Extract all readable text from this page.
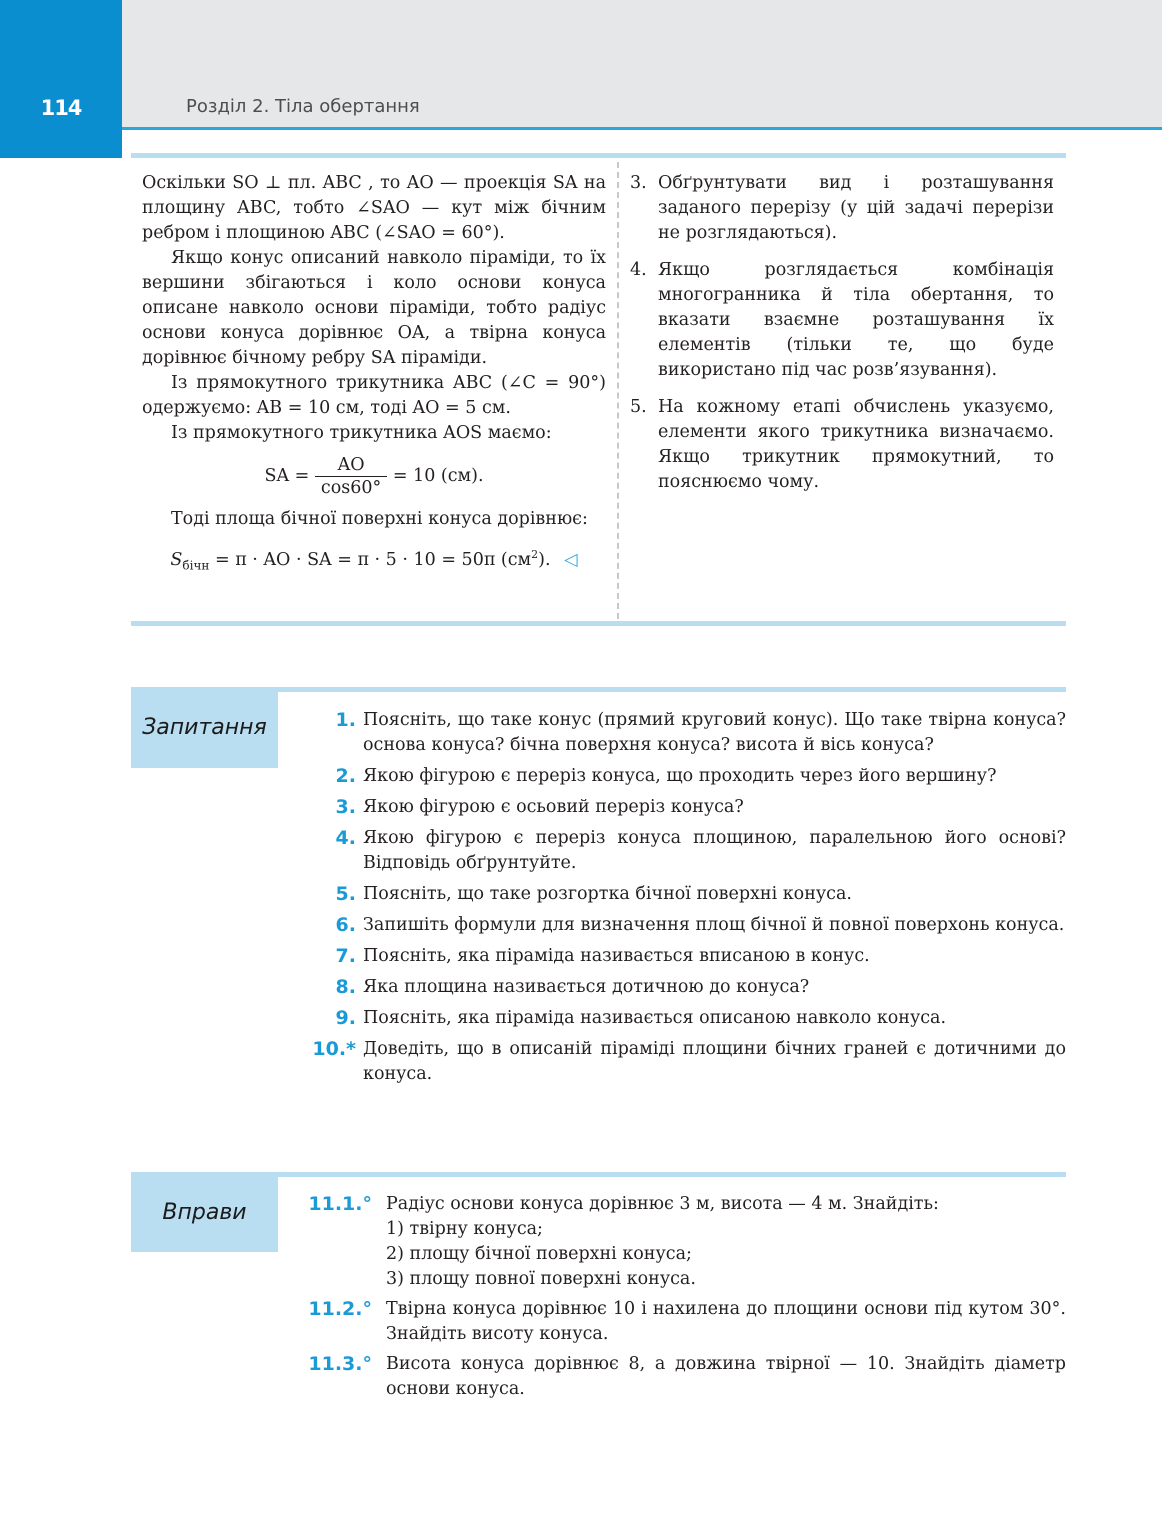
114	Розділ 2. Тіла обертання

Оскільки SO ⊥ пл. ABC , то AO — проекція SA на площину ABC, тобто ∠SAO — кут між бічним ребром і площиною ABC (∠SAO = 60°).

Якщо конус описаний навколо піраміди, то їх вершини збігаються і коло основи конуса описане навколо основи піраміди, тобто радіус основи конуса дорівнює OA, а твірна конуса дорівнює бічному ребру SA піраміди.

Із прямокутного трикутника ABC (∠C = 90°) одержуємо: AB = 10 см, тоді AO = 5 см.

Із прямокутного трикутника AOS маємо:

SA = $\frac{AO}{\cos 60^\circ} = 10$ (см).

Тоді площа бічної поверхні конуса дорівнює:

$S_{бічн} = \pi$ · AO · SA = π · 5 · 10 = 50π $(см^2)$. ◁
3. Обґрунтувати вид і розташування заданого перерізу (у цій задачі перерізи не розглядаються).
4. Якщо розглядається комбінація многогранника й тіла обертання, то вказати взаємне розташування їх елементів (тільки те, що буде використано під час розв’язування).
5. На кожному етапі обчислень указуємо, елементи якого трикутника визначаємо. Якщо трикутник прямокутний, то пояснюємо чому.
Запитання	1. Поясніть, що таке конус (прямий круговий конус). Що таке твірна конуса? основа конуса? бічна поверхня конуса? висота й вісь конуса?
2. Якою фігурою є переріз конуса, що проходить через його вершину?
3. Якою фігурою є осьовий переріз конуса?
4. Якою фігурою є переріз конуса площиною, паралельною його основі? Відповідь обґрунтуйте.
5. Поясніть, що таке розгортка бічної поверхні конуса.
6. Запишіть формули для визначення площ бічної й повної поверхонь конуса.
7. Поясніть, яка піраміда називається вписаною в конус.
8. Яка площина називається дотичною до конуса?
9. Поясніть, яка піраміда називається описаною навколо конуса.
10.* Доведіть, що в описаній піраміді площини бічних граней є дотичними до конуса.
Вправи	11.1.° Радіус основи конуса дорівнює 3 м, висота — 4 м. Знайдіть:
1) твірну конуса;
2) площу бічної поверхні конуса;
3) площу повної поверхні конуса.
11.2.° Твірна конуса дорівнює 10 і нахилена до площини основи під кутом 30°. Знайдіть висоту конуса.
11.3.° Висота конуса дорівнює 8, а довжина твірної — 10. Знайдіть діаметр основи конуса.
